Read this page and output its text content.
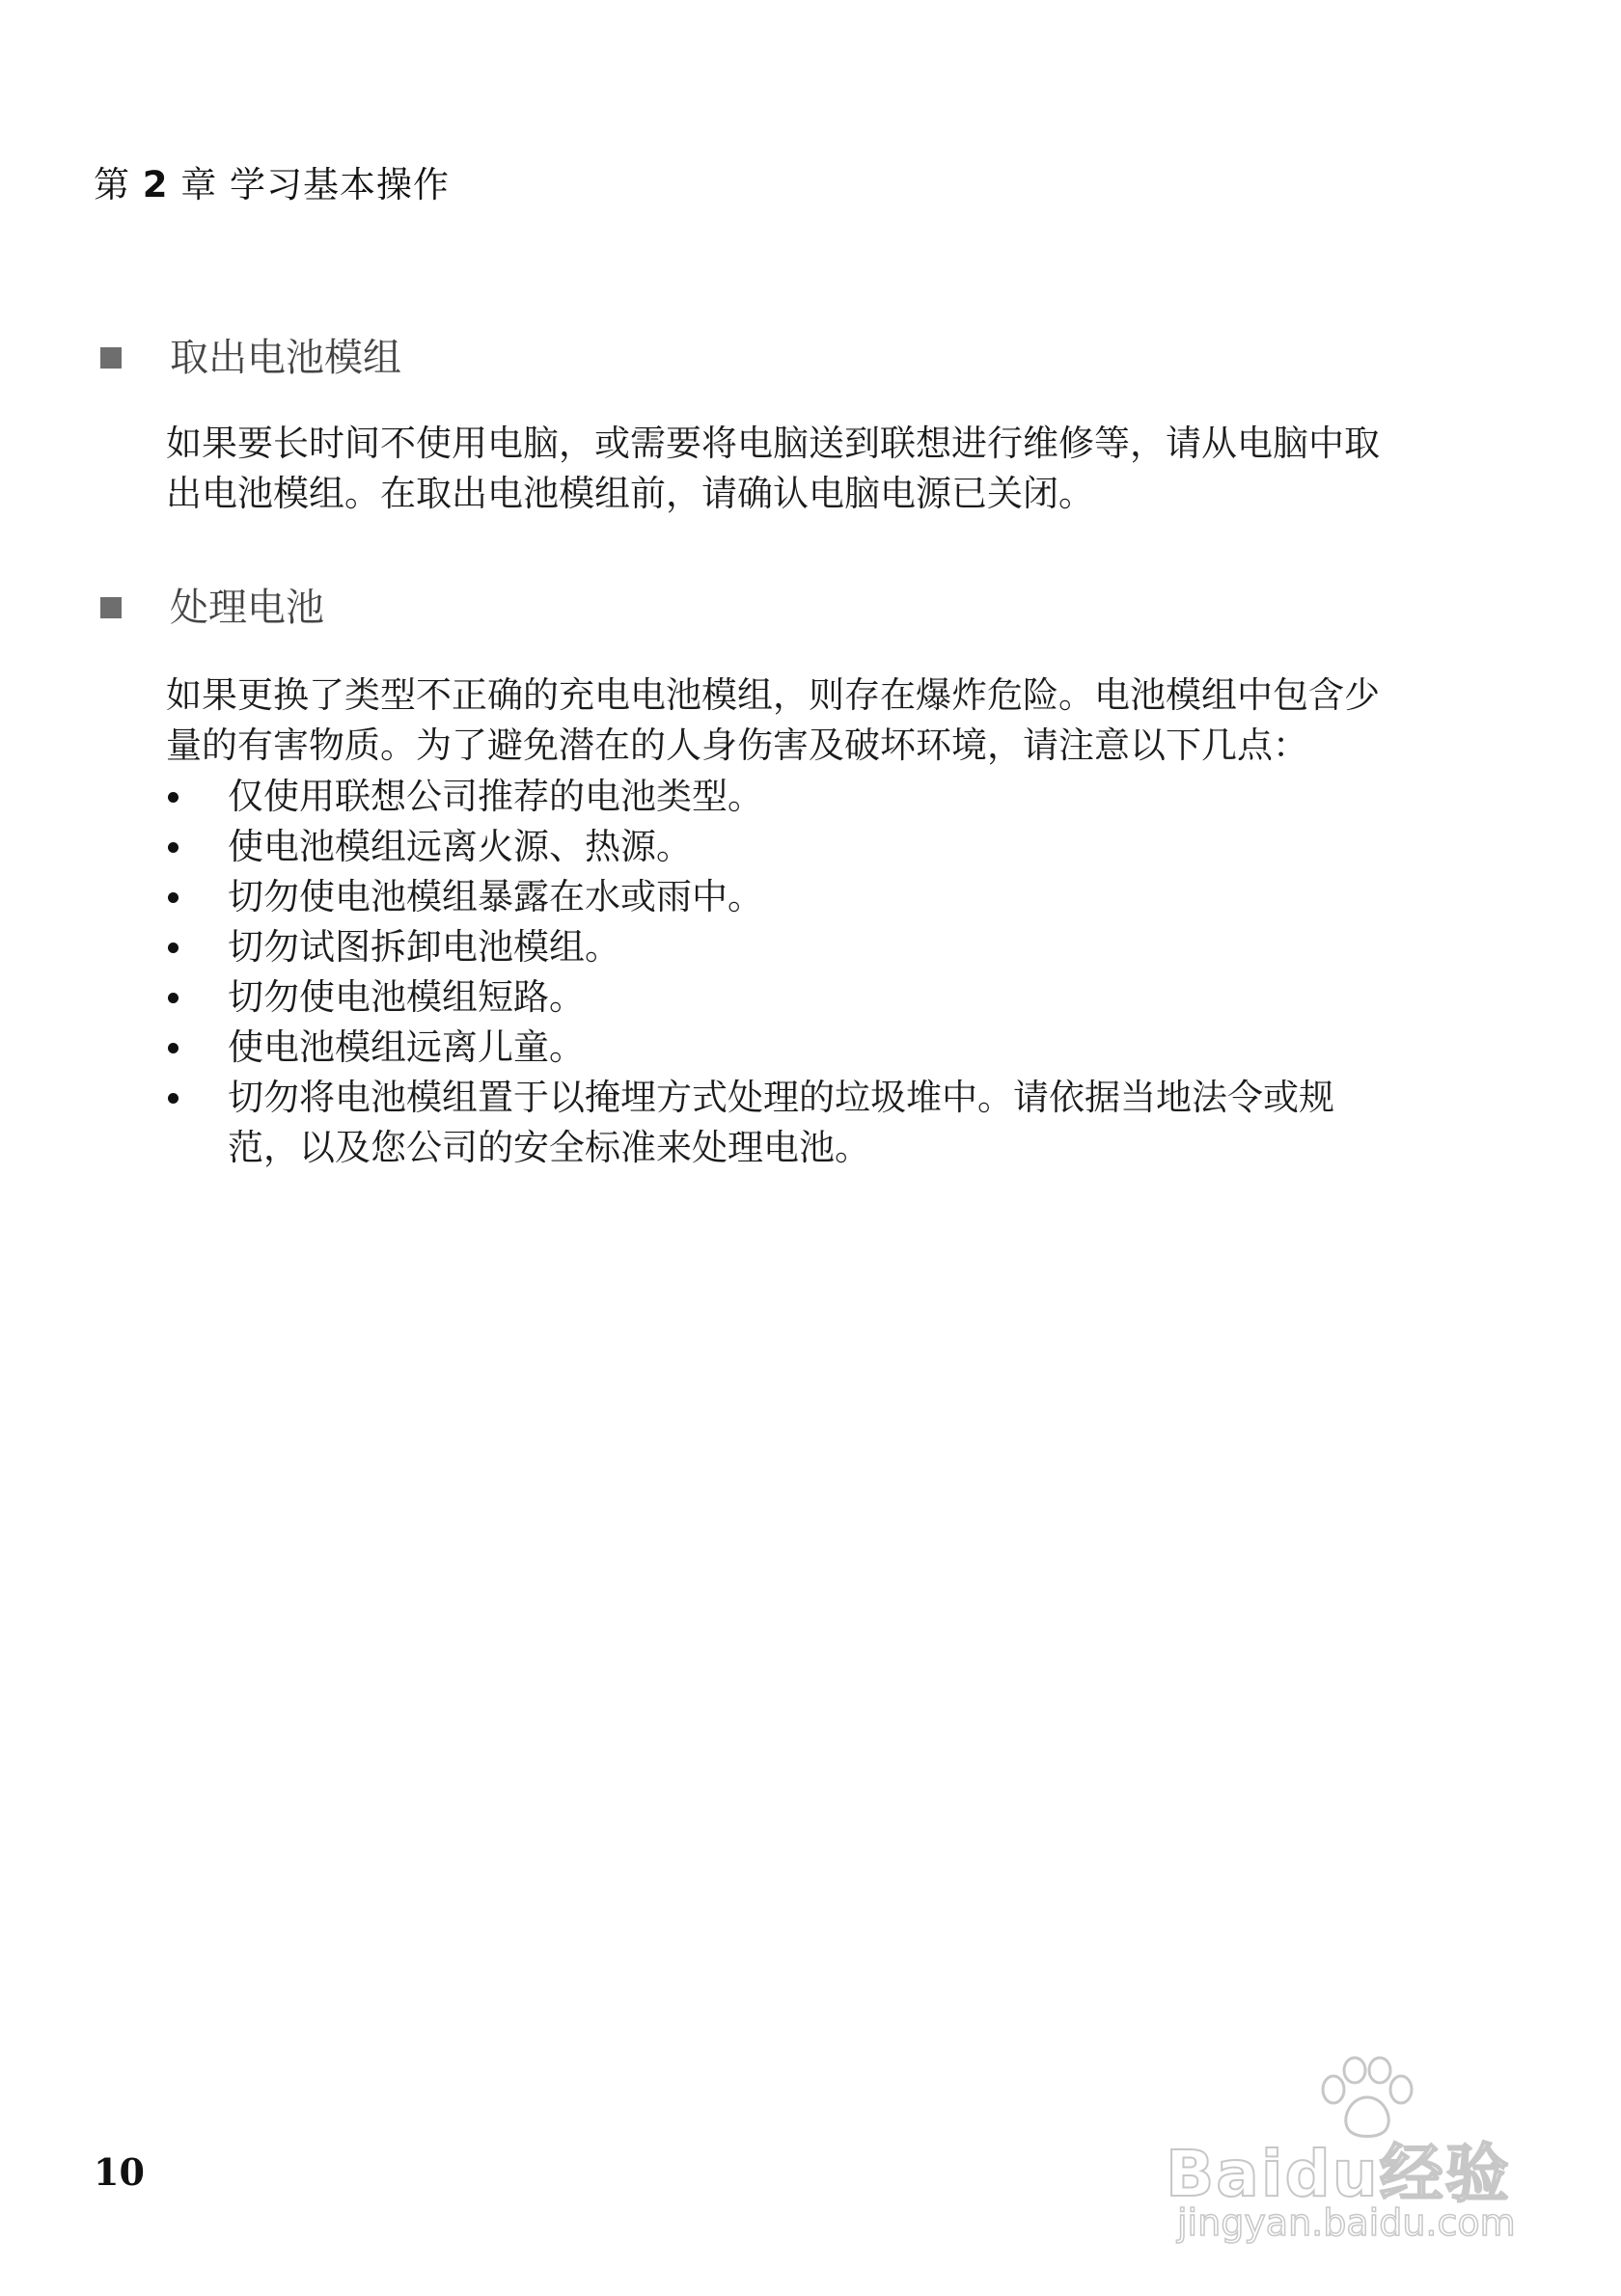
第 2 章 学习基本操作
取出电池模组

如果要长时间不使用电脑，或需要将电脑送到联想进行维修等，请从电脑中取

出电池模组。在取出电池模组前，请确认电脑电源已关闭。

处理电池

如果更换了类型不正确的充电电池模组，则存在爆炸危险。电池模组中包含少

量的有害物质。为了避免潜在的人身伤害及破坏环境，请注意以下几点：

仅使用联想公司推荐的电池类型。
使电池模组远离火源、热源。
切勿使电池模组暴露在水或雨中。
切勿试图拆卸电池模组。
切勿使电池模组短路。
使电池模组远离儿童。
切勿将电池模组置于以掩埋方式处理的垃圾堆中。请依据当地法令或规
范，以及您公司的安全标准来处理电池。
10	Baidu经验
jingyan.baidu.com
